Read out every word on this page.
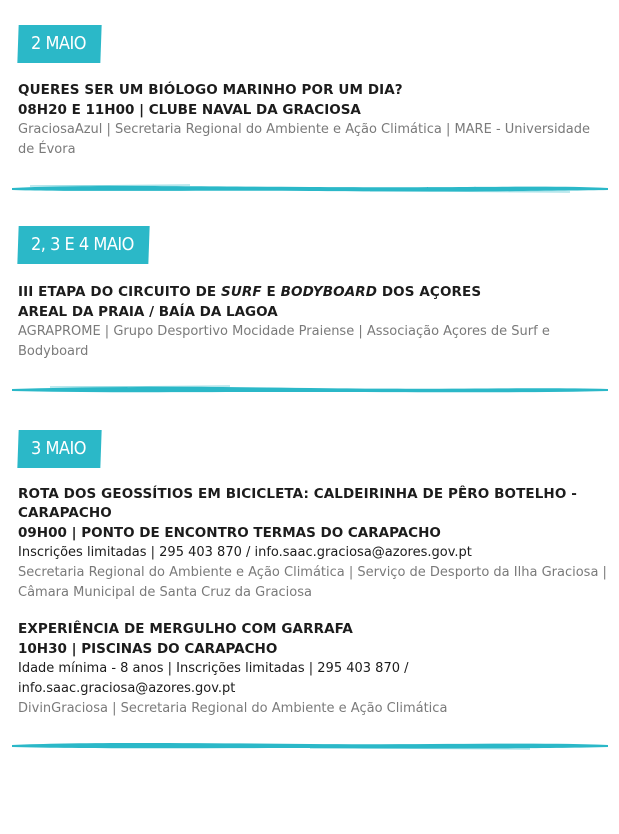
2 MAIO
QUERES SER UM BIÓLOGO MARINHO POR UM DIA?
08H20 E 11H00 | CLUBE NAVAL DA GRACIOSA
GraciosaAzul | Secretaria Regional do Ambiente e Ação Climática | MARE - Universidade de Évora
2, 3 E 4 MAIO
III ETAPA DO CIRCUITO DE SURF E BODYBOARD DOS AÇORES
AREAL DA PRAIA / BAÍA DA LAGOA
AGRAPROME | Grupo Desportivo Mocidade Praiense | Associação Açores de Surf e Bodyboard
3 MAIO
ROTA DOS GEOSSÍTIOS EM BICICLETA: CALDEIRINHA DE PÊRO BOTELHO - CARAPACHO
09H00 | PONTO DE ENCONTRO TERMAS DO CARAPACHO
Inscrições limitadas | 295 403 870 / info.saac.graciosa@azores.gov.pt
Secretaria Regional do Ambiente e Ação Climática | Serviço de Desporto da Ilha Graciosa | Câmara Municipal de Santa Cruz da Graciosa
EXPERIÊNCIA DE MERGULHO COM GARRAFA
10H30 | PISCINAS DO CARAPACHO
Idade mínima - 8 anos | Inscrições limitadas | 295 403 870 / info.saac.graciosa@azores.gov.pt
DivinGraciosa | Secretaria Regional do Ambiente e Ação Climática
